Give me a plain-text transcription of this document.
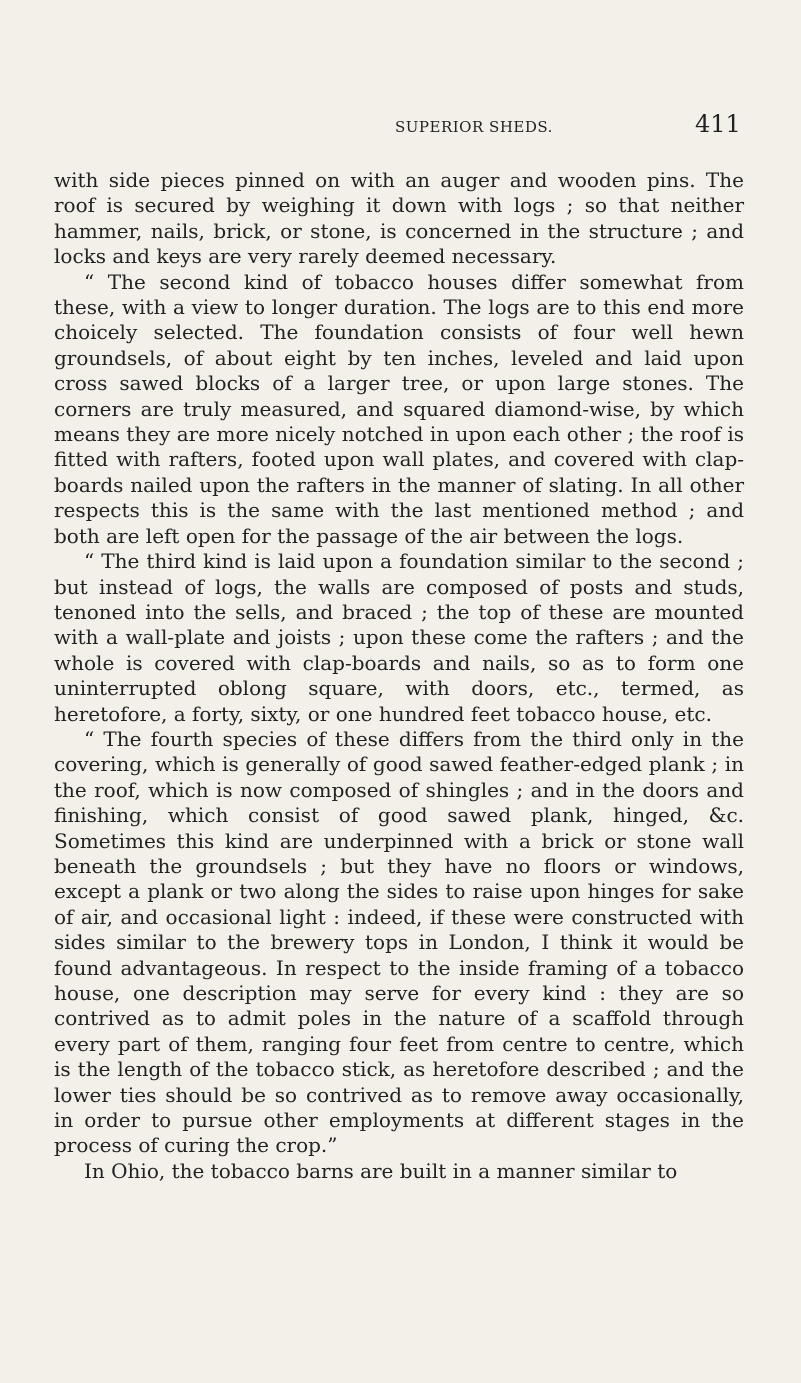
SUPERIOR SHEDS.	411

with side pieces pinned on with an auger and wooden pins. The roof is secured by weighing it down with logs ; so that neither hammer, nails, brick, or stone, is concerned in the structure ; and locks and keys are very rarely deemed necessary.

“ The second kind of tobacco houses differ somewhat from these, with a view to longer duration. The logs are to this end more choicely selected. The foundation consists of four well hewn groundsels, of about eight by ten inches, leveled and laid upon cross sawed blocks of a larger tree, or upon large stones. The corners are truly measured, and squared diamond-wise, by which means they are more nicely notched in upon each other ; the roof is fitted with rafters, footed upon wall plates, and covered with clap-boards nailed upon the rafters in the manner of slating. In all other respects this is the same with the last mentioned method ; and both are left open for the passage of the air between the logs.

“ The third kind is laid upon a foundation similar to the second ; but instead of logs, the walls are composed of posts and studs, tenoned into the sells, and braced ; the top of these are mounted with a wall-plate and joists ; upon these come the rafters ; and the whole is covered with clap-boards and nails, so as to form one uninterrupted oblong square, with doors, etc., termed, as heretofore, a forty, sixty, or one hundred feet tobacco house, etc.

“ The fourth species of these differs from the third only in the covering, which is generally of good sawed feather-edged plank ; in the roof, which is now composed of shingles ; and in the doors and finishing, which consist of good sawed plank, hinged, &c. Sometimes this kind are underpinned with a brick or stone wall beneath the groundsels ; but they have no floors or windows, except a plank or two along the sides to raise upon hinges for sake of air, and occasional light : indeed, if these were constructed with sides similar to the brewery tops in London, I think it would be found advantageous. In respect to the inside framing of a tobacco house, one description may serve for every kind : they are so contrived as to admit poles in the nature of a scaffold through every part of them, ranging four feet from centre to centre, which is the length of the tobacco stick, as heretofore described ; and the lower ties should be so contrived as to remove away occasionally, in order to pursue other employments at different stages in the process of curing the crop.”

In Ohio, the tobacco barns are built in a manner similar to
